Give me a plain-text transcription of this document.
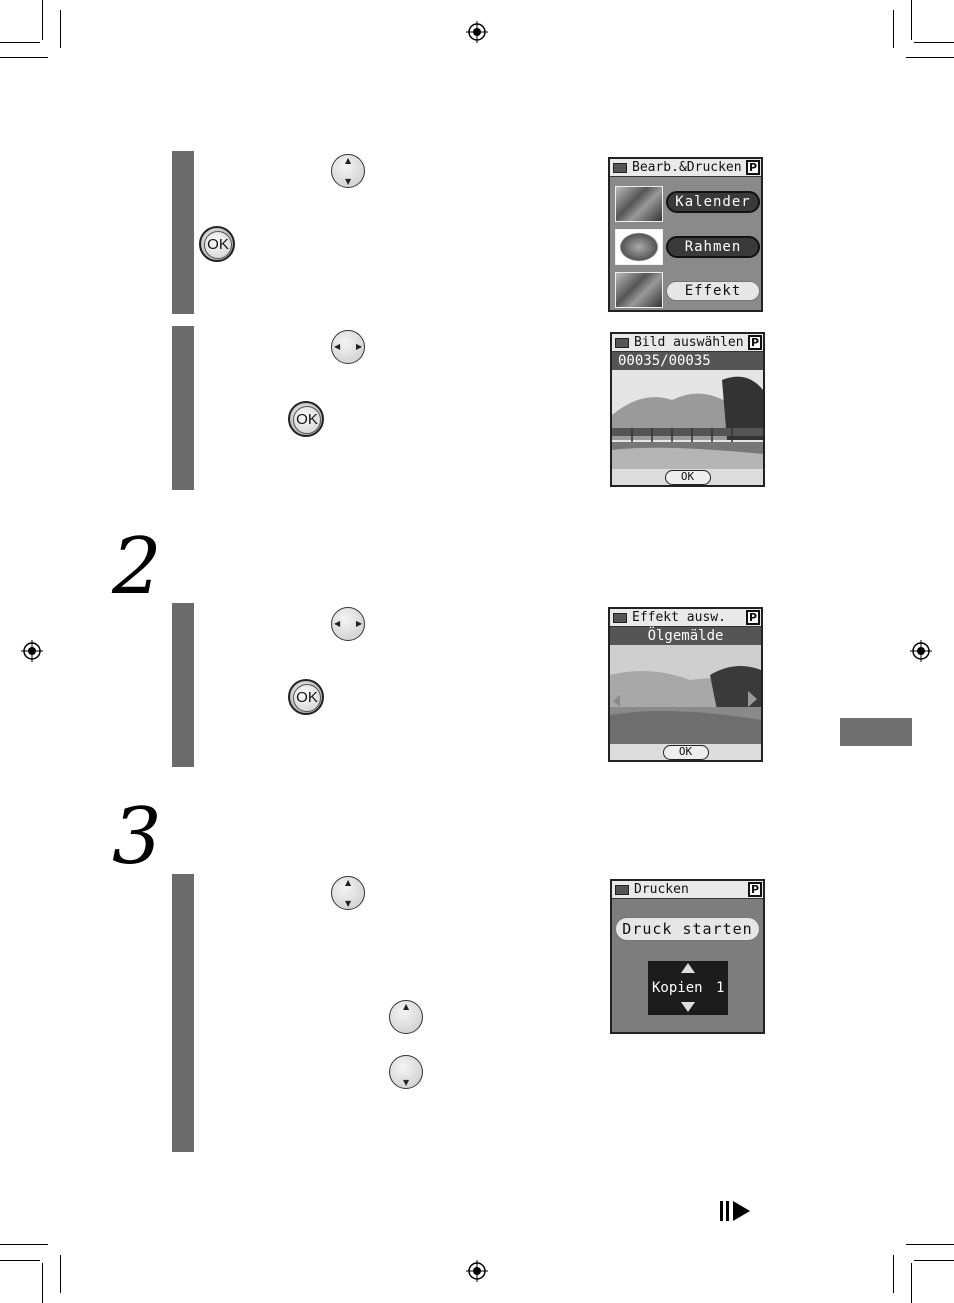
2
3
▲
▼
OK
◀ ▶
OK
◀ ▶
OK
▲
▼
▲
▼
Bearb.&Drucken P
Kalender
Rahmen
Effekt
Bild auswählen P
00035/00035
OK
Effekt ausw.	P
Ölgemälde
OK
Drucken	P
Druck starten
Kopien 1
